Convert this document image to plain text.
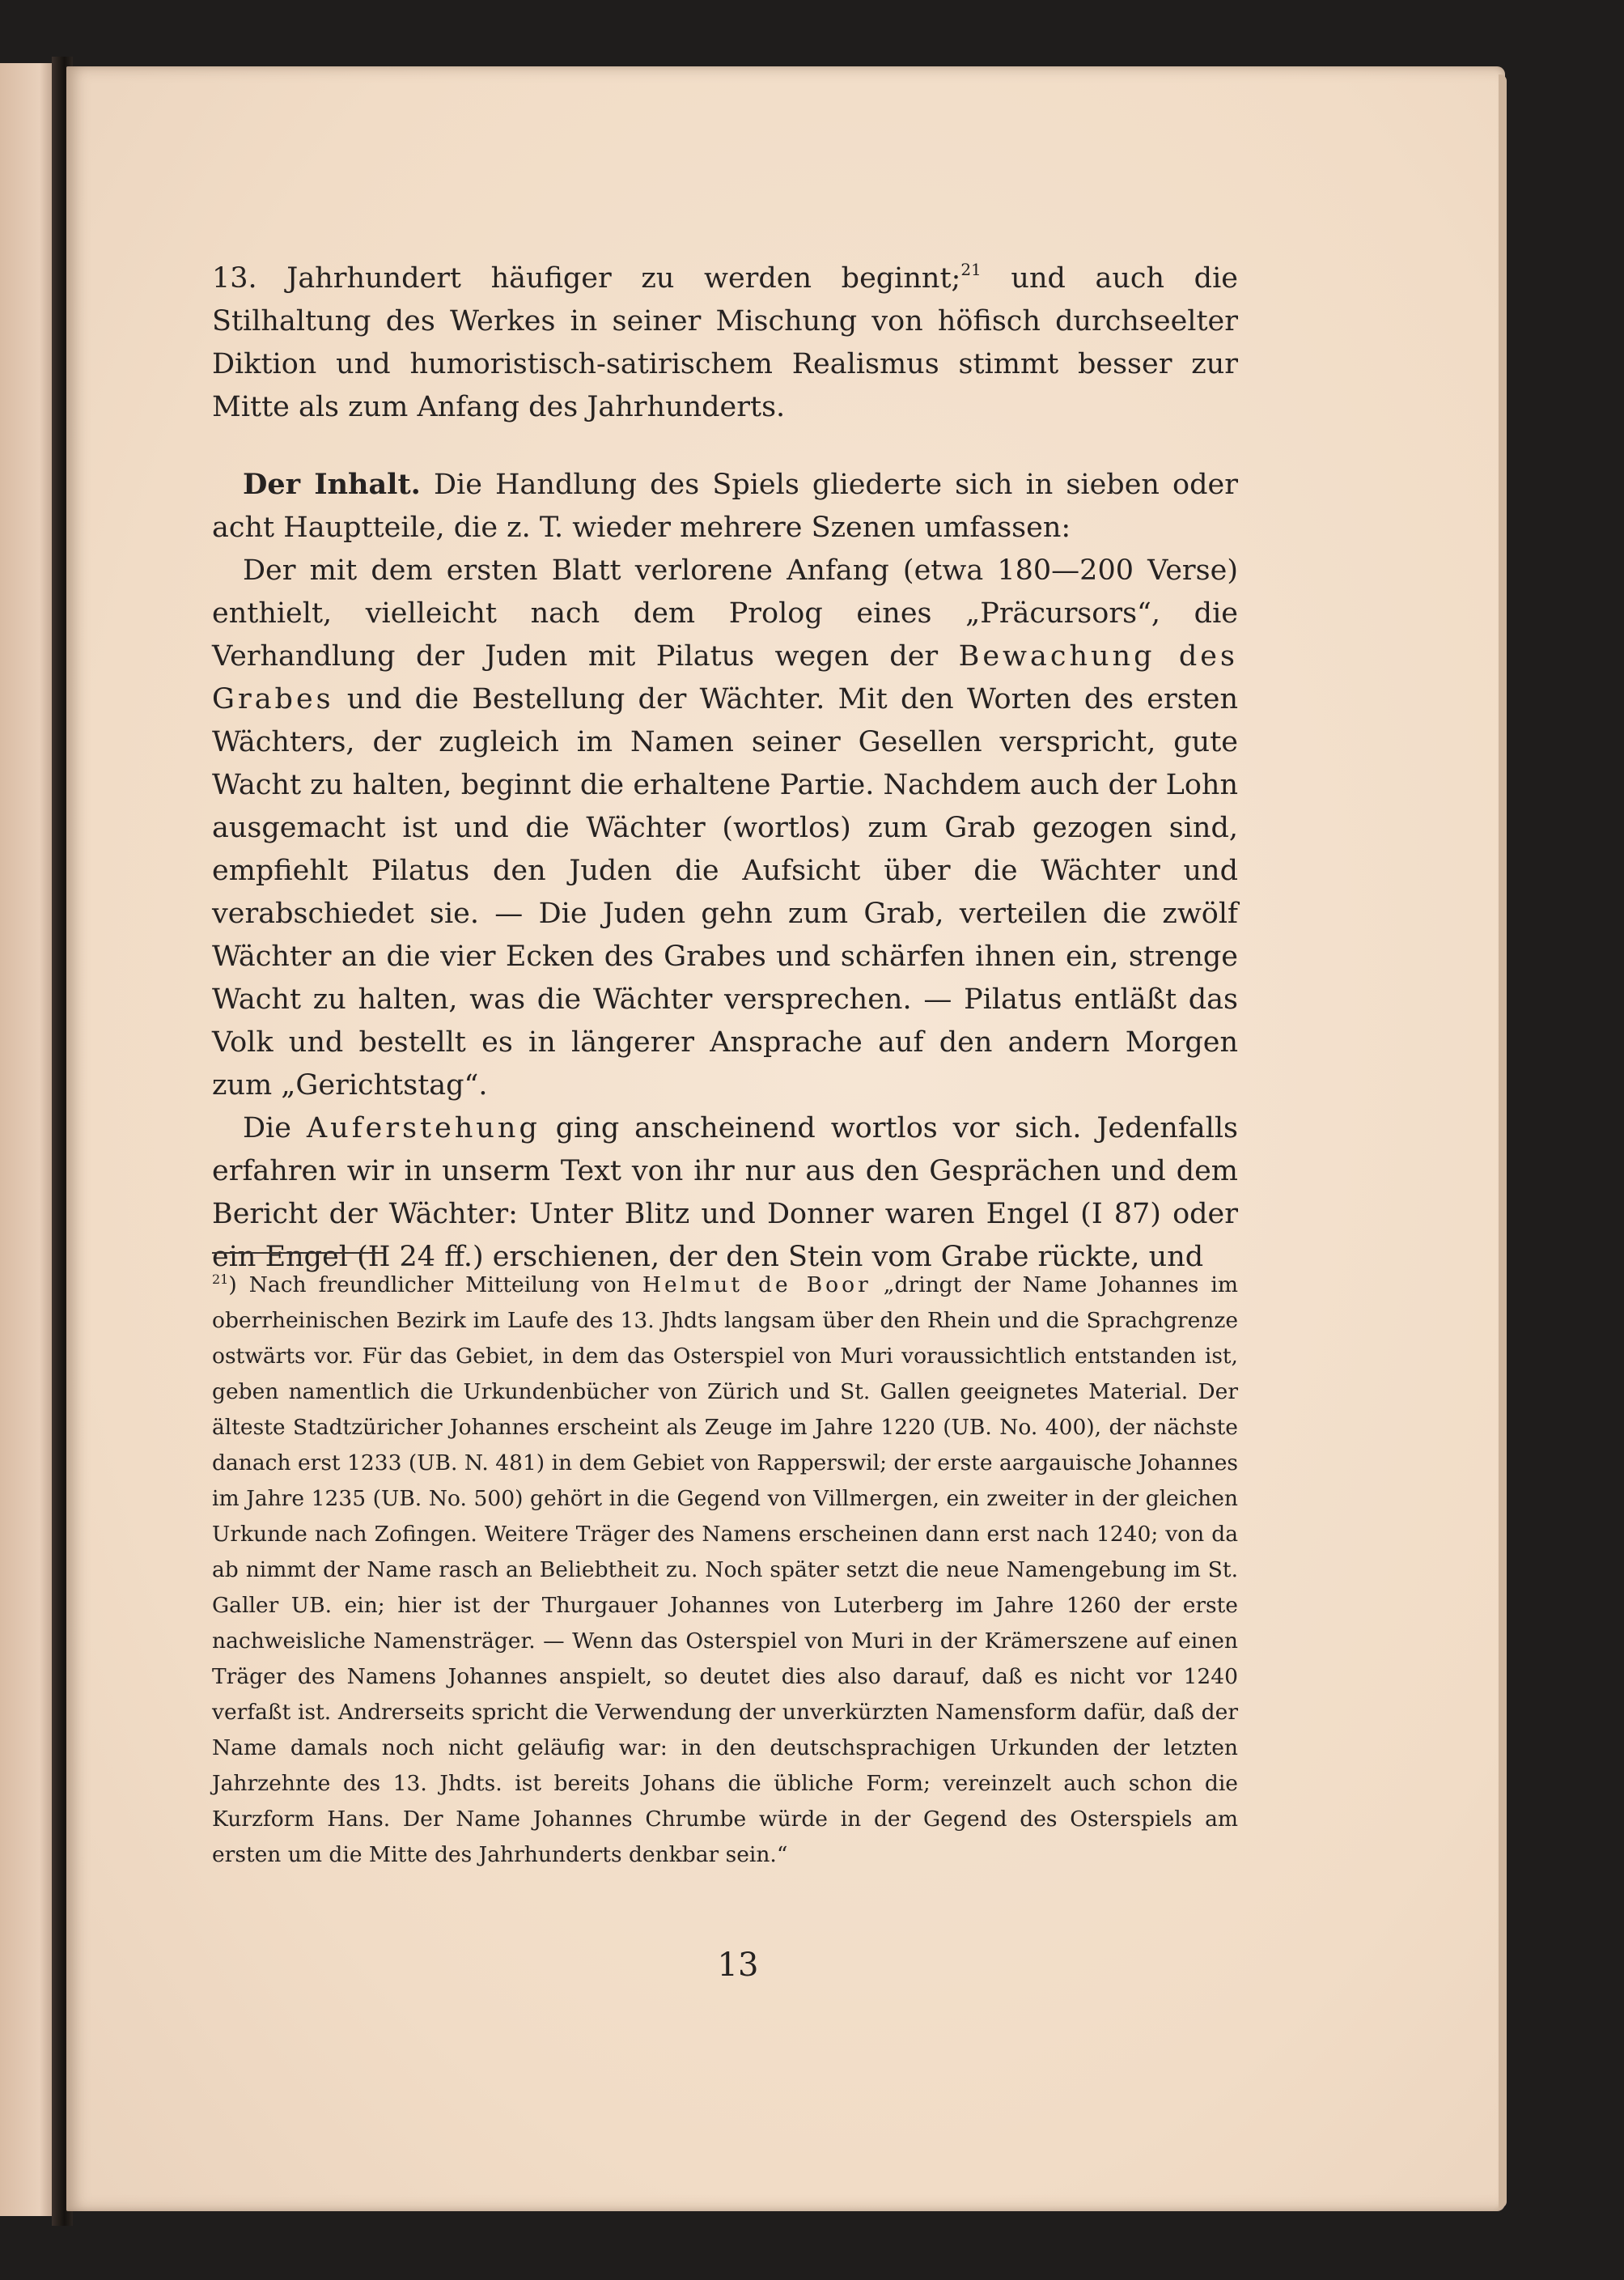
13. Jahrhundert häufiger zu werden beginnt;$^{21}$ und auch die Stilhaltung des Werkes in seiner Mischung von höfisch durchseelter Diktion und humoristisch-satirischem Realismus stimmt besser zur Mitte als zum Anfang des Jahrhunderts.

Der Inhalt. Die Handlung des Spiels gliederte sich in sieben oder acht Hauptteile, die z. T. wieder mehrere Szenen umfassen:

Der mit dem ersten Blatt verlorene Anfang (etwa 180—200 Verse) enthielt, vielleicht nach dem Prolog eines „Präcursors“, die Verhandlung der Juden mit Pilatus wegen der Bewachung des Grabes und die Bestellung der Wächter. Mit den Worten des ersten Wächters, der zugleich im Namen seiner Gesellen verspricht, gute Wacht zu halten, beginnt die erhaltene Partie. Nachdem auch der Lohn ausgemacht ist und die Wächter (wortlos) zum Grab gezogen sind, empfiehlt Pilatus den Juden die Aufsicht über die Wächter und verabschiedet sie. — Die Juden gehn zum Grab, verteilen die zwölf Wächter an die vier Ecken des Grabes und schärfen ihnen ein, strenge Wacht zu halten, was die Wächter versprechen. — Pilatus entläßt das Volk und bestellt es in längerer Ansprache auf den andern Morgen zum „Gerichtstag“.

Die Auferstehung ging anscheinend wortlos vor sich. Jedenfalls erfahren wir in unserm Text von ihr nur aus den Gesprächen und dem Bericht der Wächter: Unter Blitz und Donner waren Engel (I 87) oder ein Engel (II 24 ff.) erschienen, der den Stein vom Grabe rückte, und

$^{21}$) Nach freundlicher Mitteilung von Helmut de Boor „dringt der Name Johannes im oberrheinischen Bezirk im Laufe des 13. Jhdts langsam über den Rhein und die Sprachgrenze ostwärts vor. Für das Gebiet, in dem das Osterspiel von Muri voraussichtlich entstanden ist, geben namentlich die Urkundenbücher von Zürich und St. Gallen geeignetes Material. Der älteste Stadtzüricher Johannes erscheint als Zeuge im Jahre 1220 (UB. No. 400), der nächste danach erst 1233 (UB. N. 481) in dem Gebiet von Rapperswil; der erste aargauische Johannes im Jahre 1235 (UB. No. 500) gehört in die Gegend von Villmergen, ein zweiter in der gleichen Urkunde nach Zofingen. Weitere Träger des Namens erscheinen dann erst nach 1240; von da ab nimmt der Name rasch an Beliebtheit zu. Noch später setzt die neue Namengebung im St. Galler UB. ein; hier ist der Thurgauer Johannes von Luterberg im Jahre 1260 der erste nachweisliche Namensträger. — Wenn das Osterspiel von Muri in der Krämerszene auf einen Träger des Namens Johannes anspielt, so deutet dies also darauf, daß es nicht vor 1240 verfaßt ist. Andrerseits spricht die Verwendung der unverkürzten Namensform dafür, daß der Name damals noch nicht geläufig war: in den deutschsprachigen Urkunden der letzten Jahrzehnte des 13. Jhdts. ist bereits Johans die übliche Form; vereinzelt auch schon die Kurzform Hans. Der Name Johannes Chrumbe würde in der Gegend des Osterspiels am ersten um die Mitte des Jahrhunderts denkbar sein.“
13
